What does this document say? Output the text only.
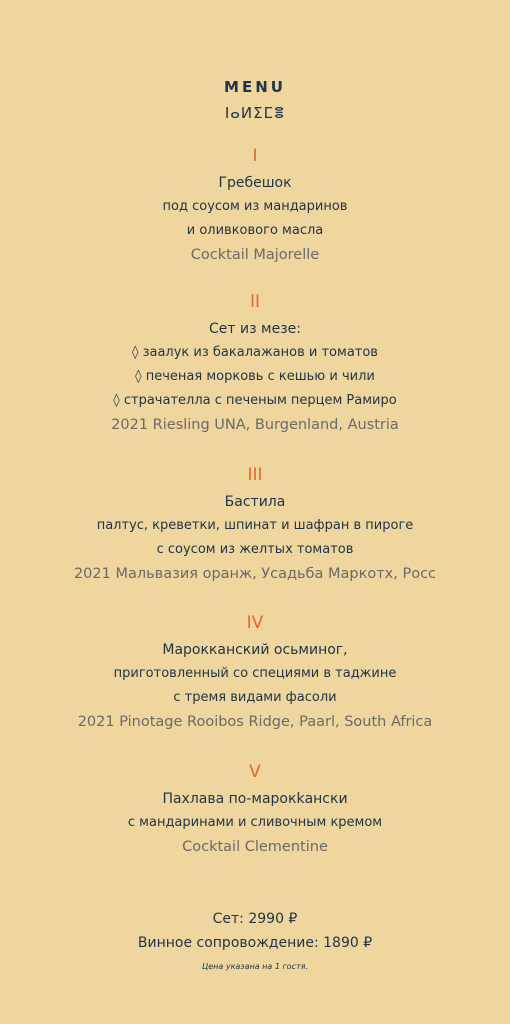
MENU
ⵏⴰⵍⵉⵎⴻ
I
Гребешок
под соусом из мандаринов
и оливкового масла
Cocktail Majorelle
II
Сет из мезе:
◊ заалук из бакалажанов и томатов
◊ печеная морковь с кешью и чили
◊ страчателла с печеным перцем Рамиро
2021 Riesling UNA, Burgenland, Austria
III
Бастила
палтус, креветки, шпинат и шафран в пироге
с соусом из желтых томатов
2021 Мальвазия оранж, Усадьба Маркотх, Росс
IV
Марокканский осьминог,
приготовленный со специями в таджине
с тремя видами фасоли
2021 Pinotage Rooibos Ridge, Paarl, South Africa
V
Пахлава по-марокkански
с мандаринами и сливочным кремом
Cocktail Clementine
Сет: 2990 ₽
Винное сопровождение: 1890 ₽
Цена указана на 1 гостя.
